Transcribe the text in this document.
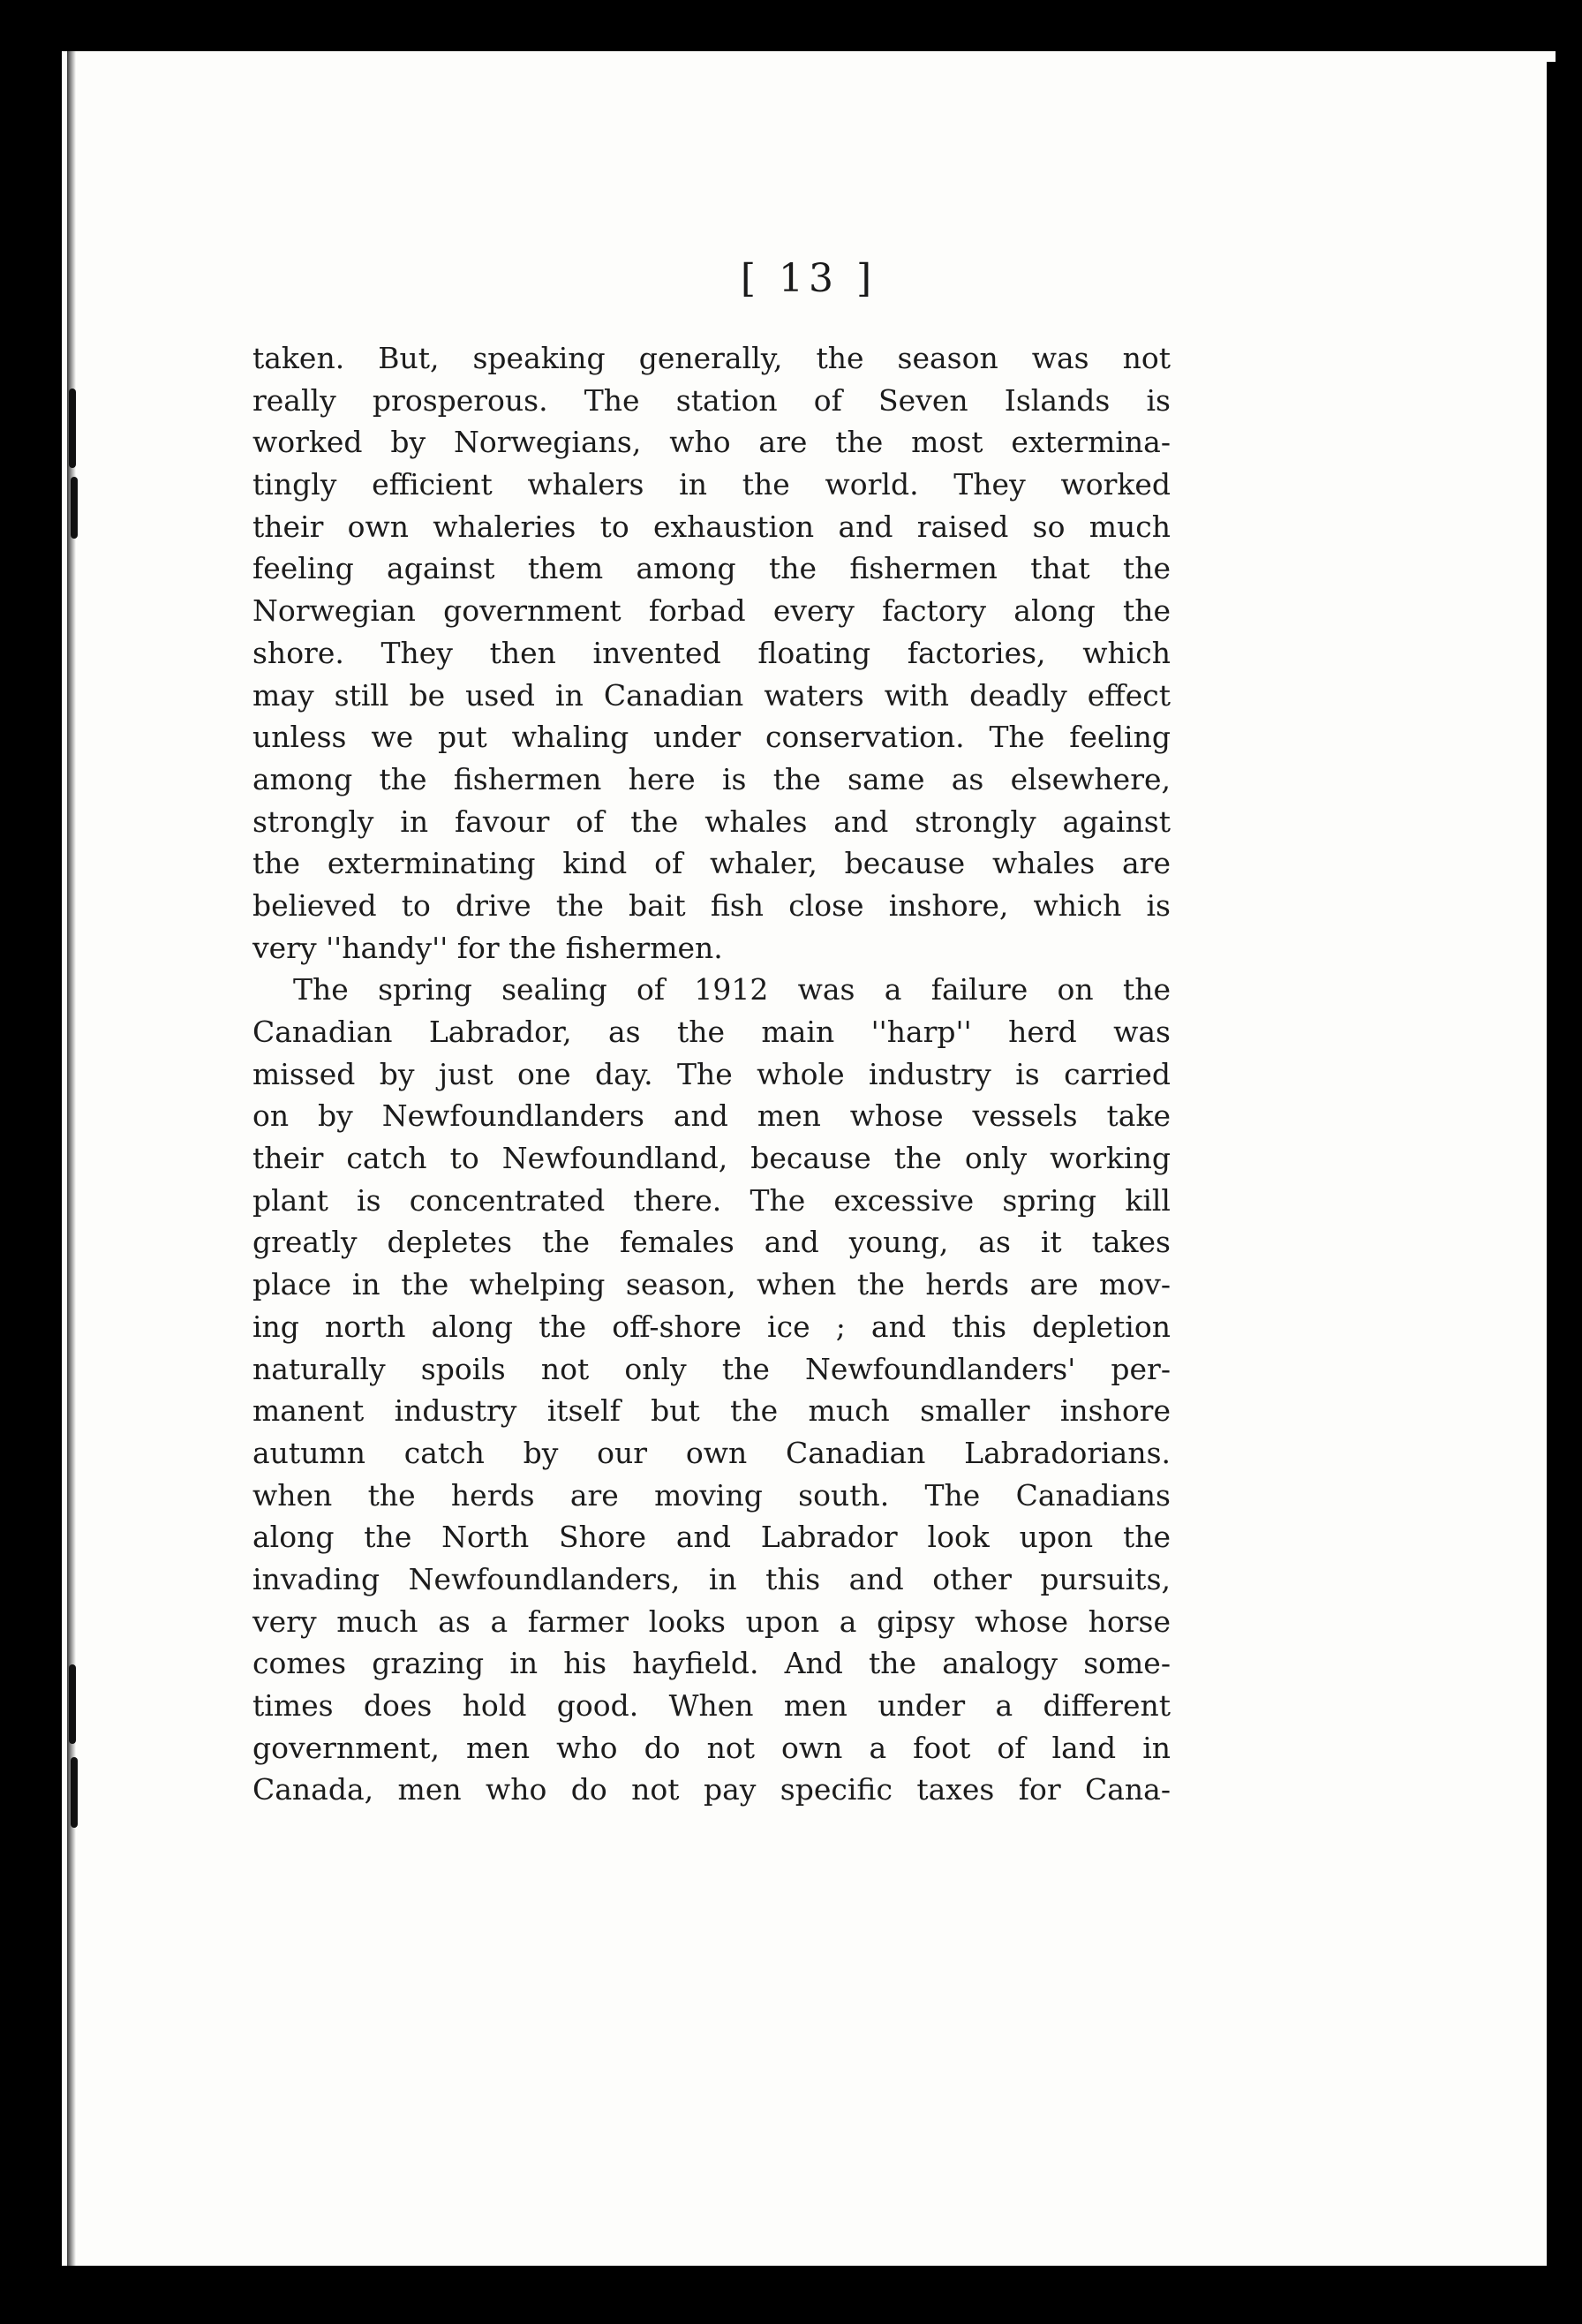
[ 13 ]

taken. But, speaking generally, the season was not
really prosperous. The station of Seven Islands is
worked by Norwegians, who are the most extermina-
tingly efficient whalers in the world. They worked
their own whaleries to exhaustion and raised so much
feeling against them among the fishermen that the
Norwegian government forbad every factory along the
shore. They then invented floating factories, which
may still be used in Canadian waters with deadly effect
unless we put whaling under conservation. The feeling
among the fishermen here is the same as elsewhere,
strongly in favour of the whales and strongly against
the exterminating kind of whaler, because whales are
believed to drive the bait fish close inshore, which is
very ''handy'' for the fishermen.
The spring sealing of 1912 was a failure on the
Canadian Labrador, as the main ''harp'' herd was
missed by just one day. The whole industry is carried
on by Newfoundlanders and men whose vessels take
their catch to Newfoundland, because the only working
plant is concentrated there. The excessive spring kill
greatly depletes the females and young, as it takes
place in the whelping season, when the herds are mov-
ing north along the off-shore ice ; and this depletion
naturally spoils not only the Newfoundlanders' per-
manent industry itself but the much smaller inshore
autumn catch by our own Canadian Labradorians.
when the herds are moving south. The Canadians
along the North Shore and Labrador look upon the
invading Newfoundlanders, in this and other pursuits,
very much as a farmer looks upon a gipsy whose horse
comes grazing in his hayfield. And the analogy some-
times does hold good. When men under a different
government, men who do not own a foot of land in
Canada, men who do not pay specific taxes for Cana-
